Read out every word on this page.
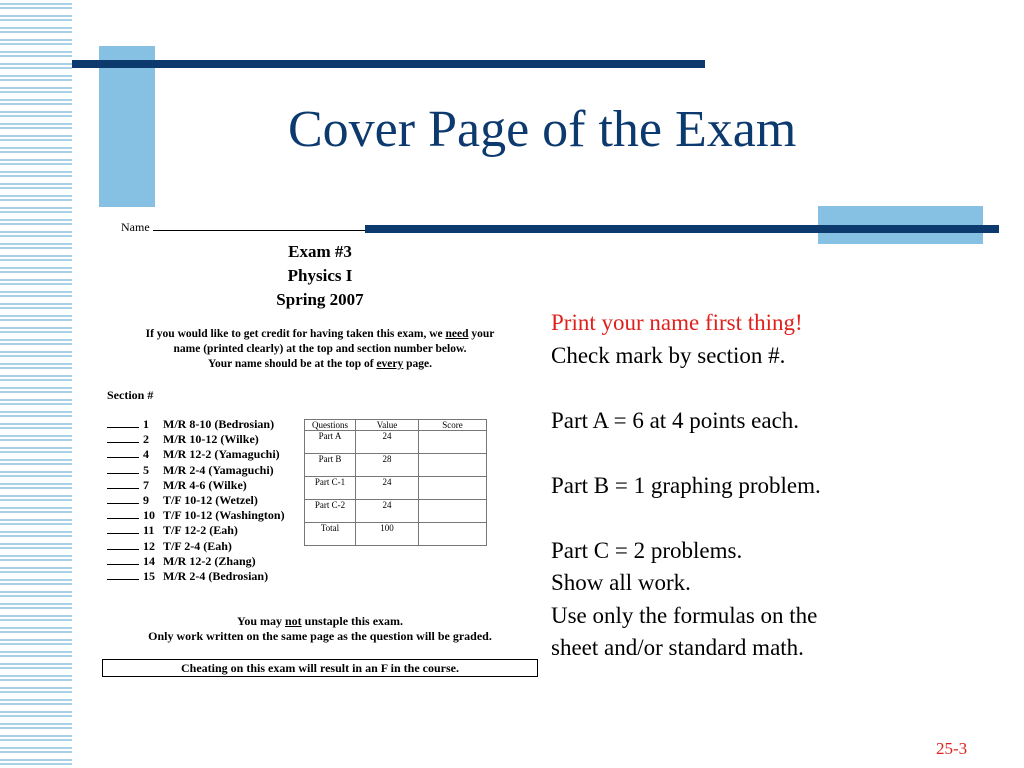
Cover Page of the Exam
Name
Exam #3
Physics I
Spring 2007
If you would like to get credit for having taken this exam, we need your
name (printed clearly) at the top and section number below.
Your name should be at the top of every page.
Section #
1	M/R 8-10 (Bedrosian)
2	M/R 10-12 (Wilke)
4	M/R 12-2 (Yamaguchi)
5	M/R 2-4 (Yamaguchi)
7	M/R 4-6 (Wilke)
9	T/F 10-12 (Wetzel)
10 T/F 10-12 (Washington)
11 T/F 12-2 (Eah)
12 T/F 2-4 (Eah)
14 M/R 12-2 (Zhang)
15 M/R 2-4 (Bedrosian)
Questions	Value	Score
Part A	24	
Part B	28	
Part C-1	24	
Part C-2	24	
Total	100	
You may not unstaple this exam.
Only work written on the same page as the question will be graded.
Cheating on this exam will result in an F in the course.
Print your name first thing!
Check mark by section #.
Part A = 6 at 4 points each.
Part B = 1 graphing problem.
Part C = 2 problems.
Show all work.
Use only the formulas on the
sheet and/or standard math.
25-3
